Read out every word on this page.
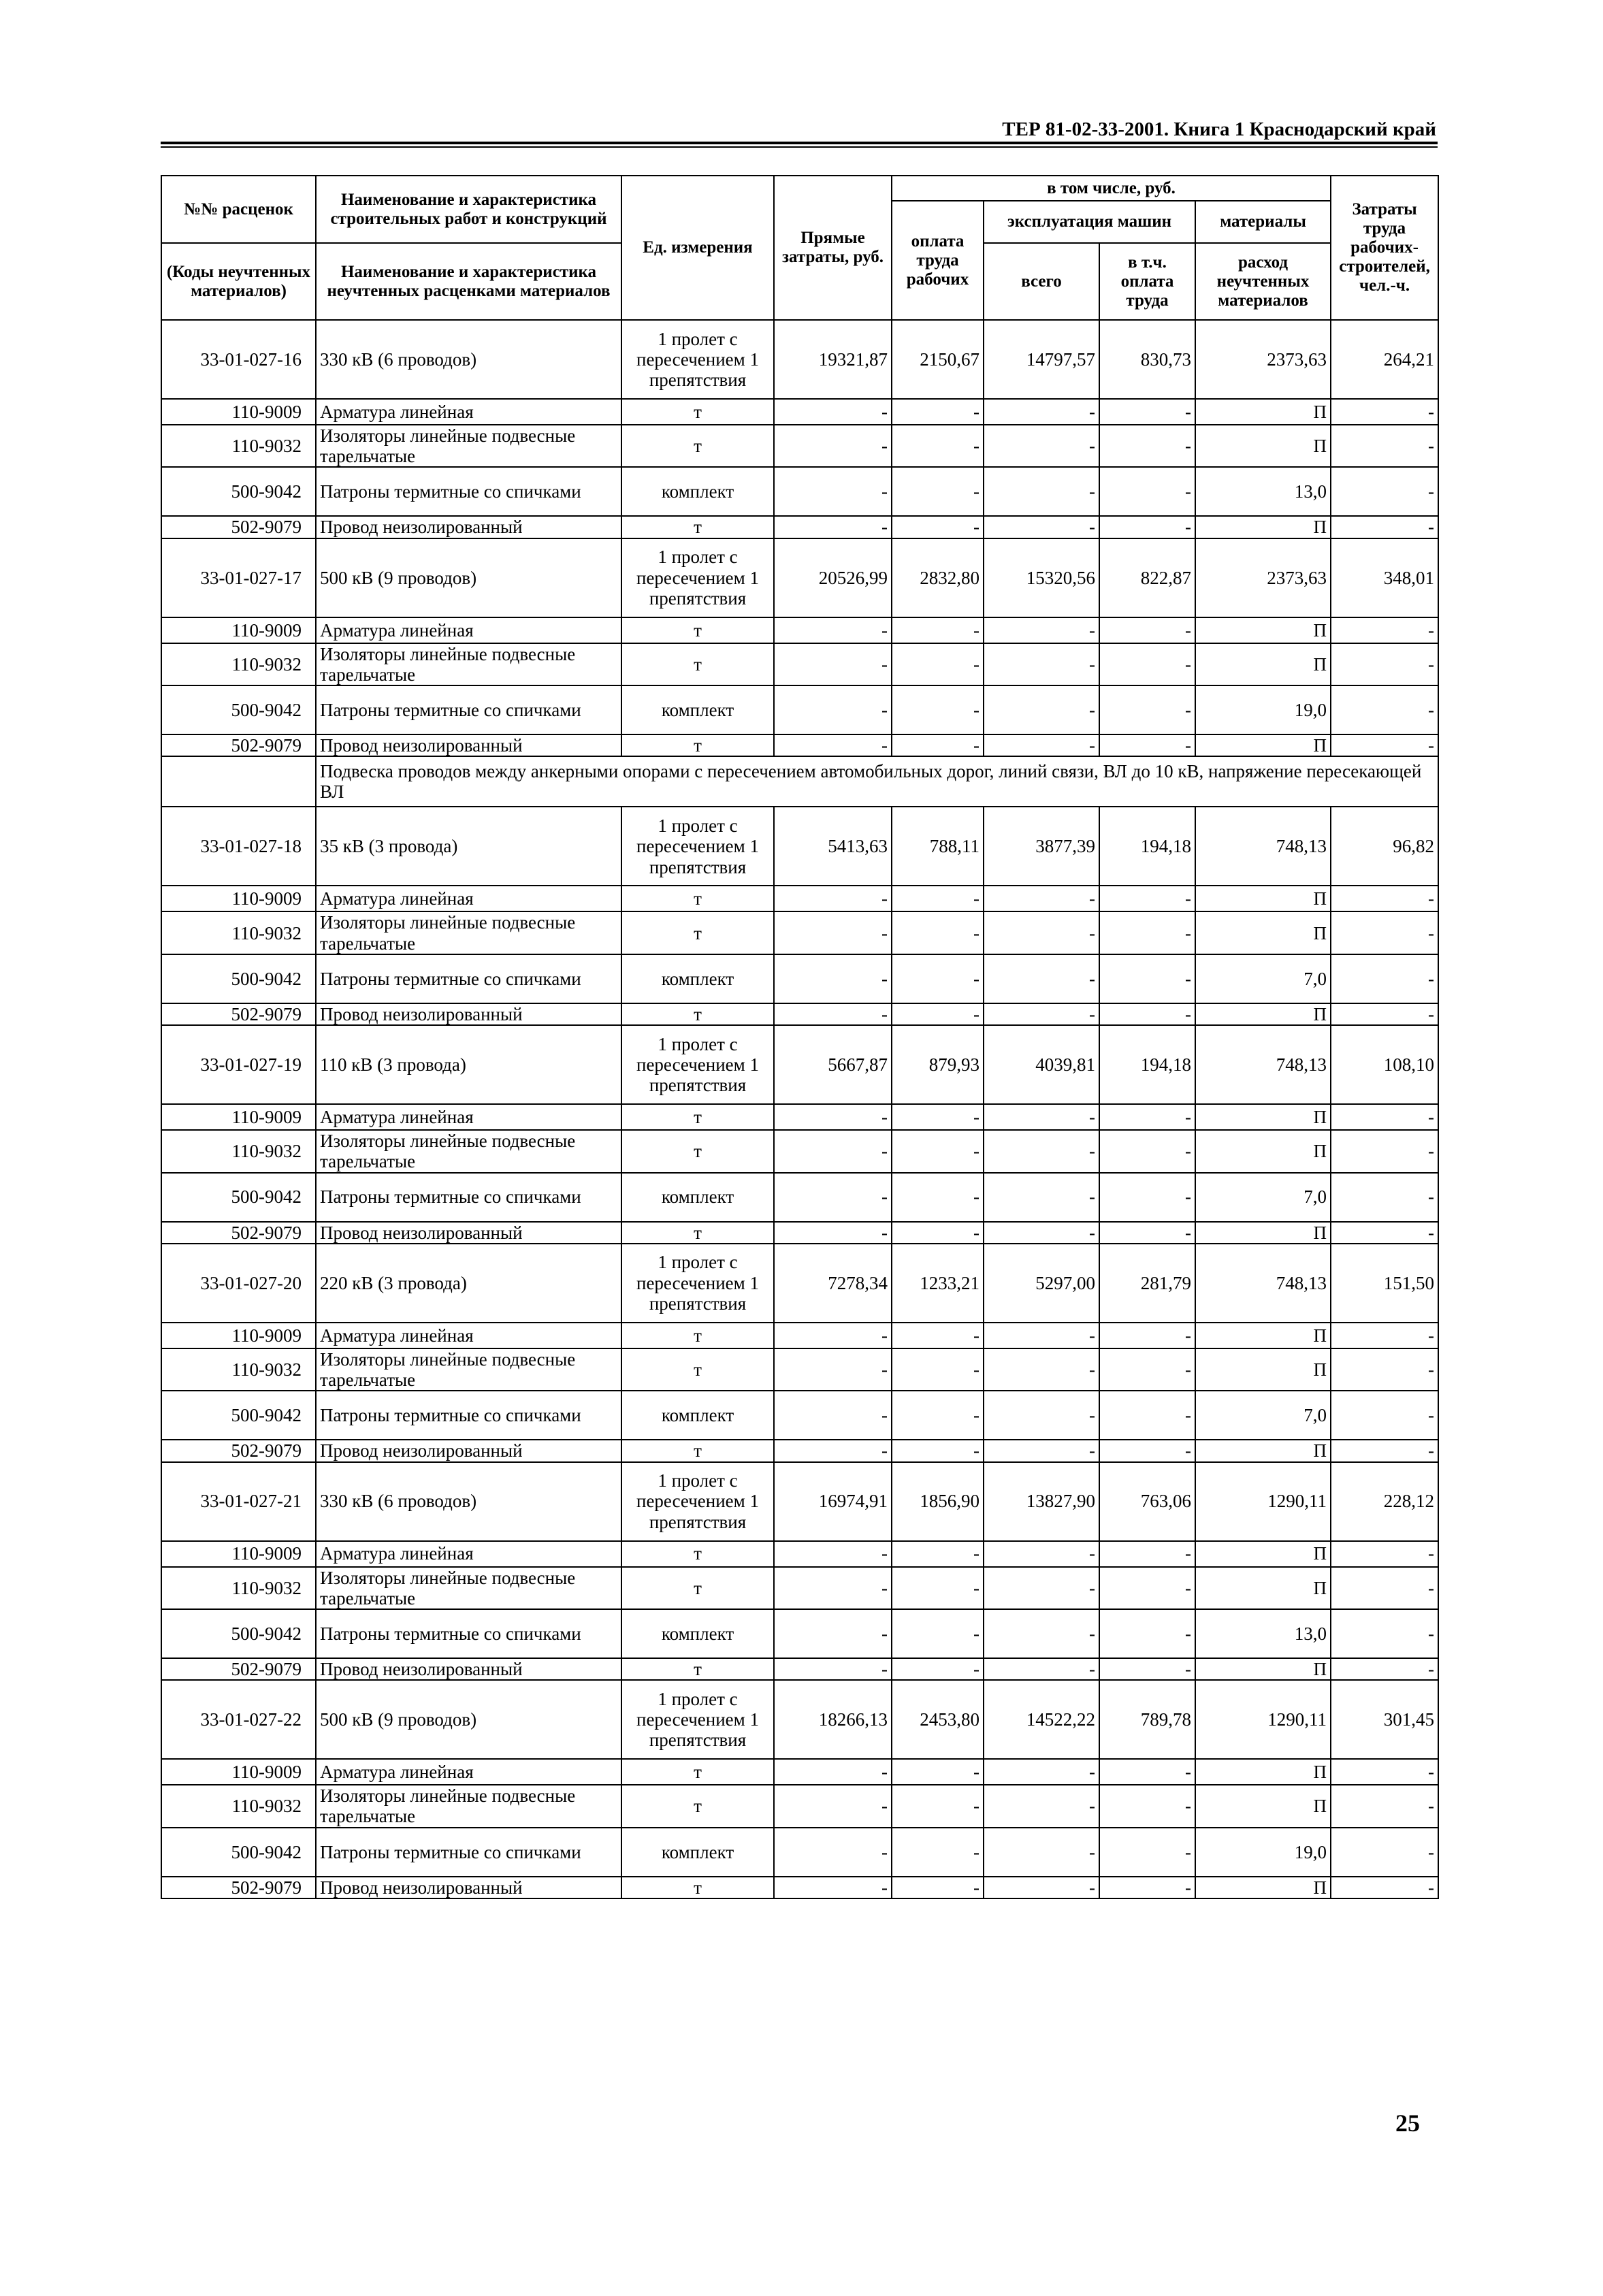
ТЕР 81-02-33-2001. Книга 1 Краснодарский край
№№ расценок	Наименование и характеристика строительных работ и конструкций	Ед. измерения	Прямые затраты, руб.	в том числе, руб.				Затраты труда рабочих-строителей, чел.-ч.
				оплата труда рабочих	эксплуатация машин		материалы	
(Коды неучтенных материалов)	Наименование и характеристика неучтенных расценками материалов				всего	в т.ч. оплата труда	расход неучтенных материалов	

33-01-027-16	330 кВ (6 проводов)	1 пролет с пересечением 1 препятствия	19321,87	2150,67	14797,57	830,73	2373,63	264,21
110-9009	Арматура линейная	т	-	-	-	-	П	-
110-9032	Изоляторы линейные подвесные тарельчатые	т	-	-	-	-	П	-
500-9042	Патроны термитные со спичками	комплект	-	-	-	-	13,0	-
502-9079	Провод неизолированный	т	-	-	-	-	П	-
33-01-027-17	500 кВ (9 проводов)	1 пролет с пересечением 1 препятствия	20526,99	2832,80	15320,56	822,87	2373,63	348,01
110-9009	Арматура линейная	т	-	-	-	-	П	-
110-9032	Изоляторы линейные подвесные тарельчатые	т	-	-	-	-	П	-
500-9042	Патроны термитные со спичками	комплект	-	-	-	-	19,0	-
502-9079	Провод неизолированный	т	-	-	-	-	П	-
	Подвеска проводов между анкерными опорами с пересечением автомобильных дорог, линий связи, ВЛ до 10 кВ, напряжение пересекающей ВЛ							
33-01-027-18	35 кВ (3 провода)	1 пролет с пересечением 1 препятствия	5413,63	788,11	3877,39	194,18	748,13	96,82
110-9009	Арматура линейная	т	-	-	-	-	П	-
110-9032	Изоляторы линейные подвесные тарельчатые	т	-	-	-	-	П	-
500-9042	Патроны термитные со спичками	комплект	-	-	-	-	7,0	-
502-9079	Провод неизолированный	т	-	-	-	-	П	-
33-01-027-19	110 кВ (3 провода)	1 пролет с пересечением 1 препятствия	5667,87	879,93	4039,81	194,18	748,13	108,10
110-9009	Арматура линейная	т	-	-	-	-	П	-
110-9032	Изоляторы линейные подвесные тарельчатые	т	-	-	-	-	П	-
500-9042	Патроны термитные со спичками	комплект	-	-	-	-	7,0	-
502-9079	Провод неизолированный	т	-	-	-	-	П	-
33-01-027-20	220 кВ (3 провода)	1 пролет с пересечением 1 препятствия	7278,34	1233,21	5297,00	281,79	748,13	151,50
110-9009	Арматура линейная	т	-	-	-	-	П	-
110-9032	Изоляторы линейные подвесные тарельчатые	т	-	-	-	-	П	-
500-9042	Патроны термитные со спичками	комплект	-	-	-	-	7,0	-
502-9079	Провод неизолированный	т	-	-	-	-	П	-
33-01-027-21	330 кВ (6 проводов)	1 пролет с пересечением 1 препятствия	16974,91	1856,90	13827,90	763,06	1290,11	228,12
110-9009	Арматура линейная	т	-	-	-	-	П	-
110-9032	Изоляторы линейные подвесные тарельчатые	т	-	-	-	-	П	-
500-9042	Патроны термитные со спичками	комплект	-	-	-	-	13,0	-
502-9079	Провод неизолированный	т	-	-	-	-	П	-
33-01-027-22	500 кВ (9 проводов)	1 пролет с пересечением 1 препятствия	18266,13	2453,80	14522,22	789,78	1290,11	301,45
110-9009	Арматура линейная	т	-	-	-	-	П	-
110-9032	Изоляторы линейные подвесные тарельчатые	т	-	-	-	-	П	-
500-9042	Патроны термитные со спичками	комплект	-	-	-	-	19,0	-
502-9079	Провод неизолированный	т	-	-	-	-	П	-
25
